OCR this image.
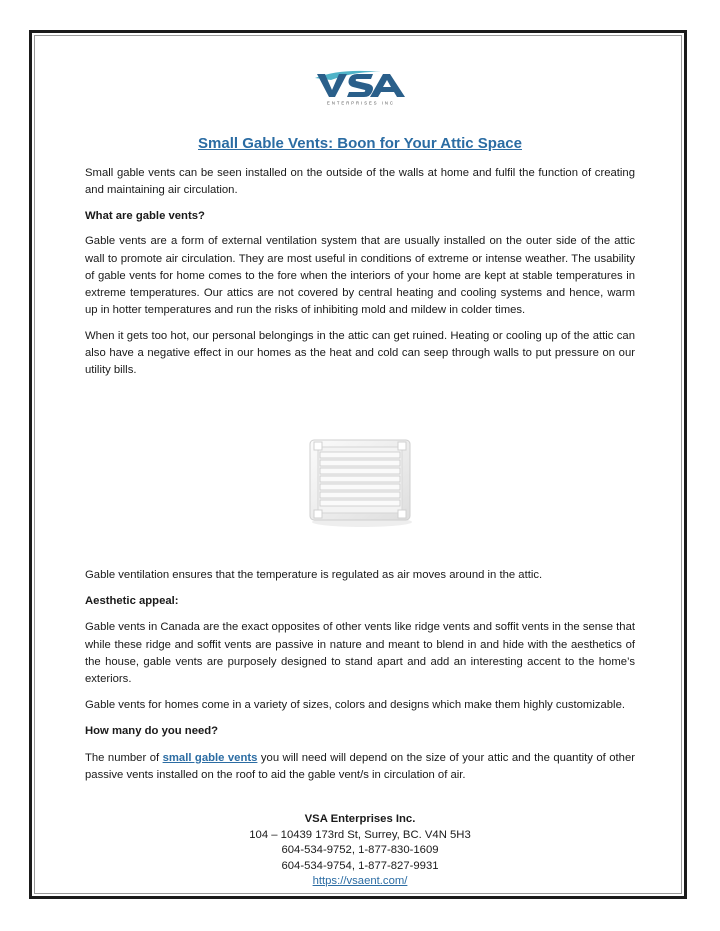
ENTERPRISES INC
Small Gable Vents: Boon for Your Attic Space

Small gable vents can be seen installed on the outside of the walls at home and fulfil the function of creating and maintaining air circulation.

What are gable vents?

Gable vents are a form of external ventilation system that are usually installed on the outer side of the attic wall to promote air circulation. They are most useful in conditions of extreme or intense weather. The usability of gable vents for home comes to the fore when the interiors of your home are kept at stable temperatures in extreme temperatures. Our attics are not covered by central heating and cooling systems and hence, warm up in hotter temperatures and run the risks of inhibiting mold and mildew in colder times.

When it gets too hot, our personal belongings in the attic can get ruined. Heating or cooling up of the attic can also have a negative effect in our homes as the heat and cold can seep through walls to put pressure on our utility bills.

Gable ventilation ensures that the temperature is regulated as air moves around in the attic.

Aesthetic appeal:

Gable vents in Canada are the exact opposites of other vents like ridge vents and soffit vents in the sense that while these ridge and soffit vents are passive in nature and meant to blend in and hide with the aesthetics of the house, gable vents are purposely designed to stand apart and add an interesting accent to the home’s exteriors.

Gable vents for homes come in a variety of sizes, colors and designs which make them highly customizable.

How many do you need?

The number of small gable vents you will need will depend on the size of your attic and the quantity of other passive vents installed on the roof to aid the gable vent/s in circulation of air.

VSA Enterprises Inc.
104 – 10439 173rd St, Surrey, BC. V4N 5H3
604-534-9752, 1-877-830-1609
604-534-9754, 1-877-827-9931
https://vsaent.com/
